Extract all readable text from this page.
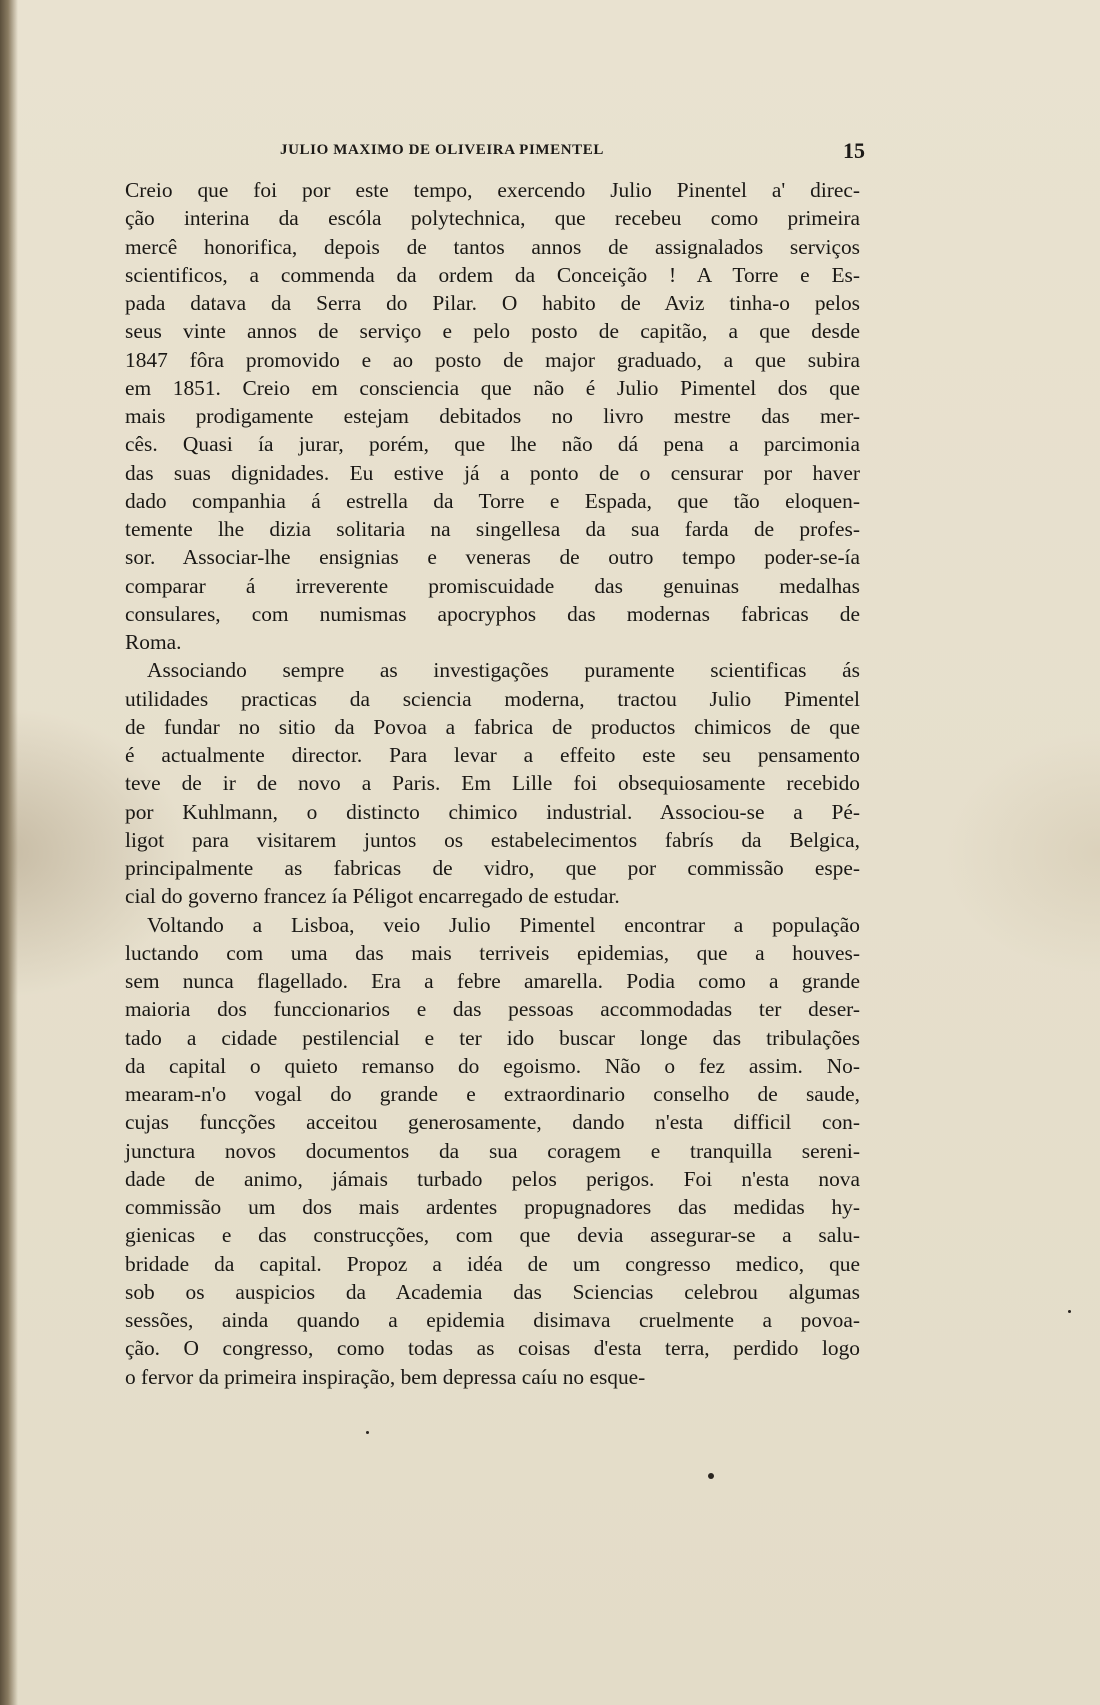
JULIO MAXIMO DE OLIVEIRA PIMENTEL	15
Creio que foi por este tempo, exercendo Julio Pinentel a' direc-
ção interina da escóla polytechnica, que recebeu como primeira
mercê honorifica, depois de tantos annos de assignalados serviços
scientificos, a commenda da ordem da Conceição ! A Torre e Es-
pada datava da Serra do Pilar. O habito de Aviz tinha-o pelos
seus vinte annos de serviço e pelo posto de capitão, a que desde
1847 fôra promovido e ao posto de major graduado, a que subira
em 1851. Creio em consciencia que não é Julio Pimentel dos que
mais prodigamente estejam debitados no livro mestre das mer-
cês. Quasi ía jurar, porém, que lhe não dá pena a parcimonia
das suas dignidades. Eu estive já a ponto de o censurar por haver
dado companhia á estrella da Torre e Espada, que tão eloquen-
temente lhe dizia solitaria na singellesa da sua farda de profes-
sor. Associar-lhe ensignias e veneras de outro tempo poder-se-ía
comparar á irreverente promiscuidade das genuinas medalhas
consulares, com numismas apocryphos das modernas fabricas de
Roma.
Associando sempre as investigações puramente scientificas ás
utilidades practicas da sciencia moderna, tractou Julio Pimentel
de fundar no sitio da Povoa a fabrica de productos chimicos de que
é actualmente director. Para levar a effeito este seu pensamento
teve de ir de novo a Paris. Em Lille foi obsequiosamente recebido
por Kuhlmann, o distincto chimico industrial. Associou-se a Pé-
ligot para visitarem juntos os estabelecimentos fabrís da Belgica,
principalmente as fabricas de vidro, que por commissão espe-
cial do governo francez ía Péligot encarregado de estudar.
Voltando a Lisboa, veio Julio Pimentel encontrar a população
luctando com uma das mais terriveis epidemias, que a houves-
sem nunca flagellado. Era a febre amarella. Podia como a grande
maioria dos funccionarios e das pessoas accommodadas ter deser-
tado a cidade pestilencial e ter ido buscar longe das tribulações
da capital o quieto remanso do egoismo. Não o fez assim. No-
mearam-n'o vogal do grande e extraordinario conselho de saude,
cujas funcções acceitou generosamente, dando n'esta difficil con-
junctura novos documentos da sua coragem e tranquilla sereni-
dade de animo, jámais turbado pelos perigos. Foi n'esta nova
commissão um dos mais ardentes propugnadores das medidas hy-
gienicas e das construcções, com que devia assegurar-se a salu-
bridade da capital. Propoz a idéa de um congresso medico, que
sob os auspicios da Academia das Sciencias celebrou algumas
sessões, ainda quando a epidemia disimava cruelmente a povoa-
ção. O congresso, como todas as coisas d'esta terra, perdido logo
o fervor da primeira inspiração, bem depressa caíu no esque-
